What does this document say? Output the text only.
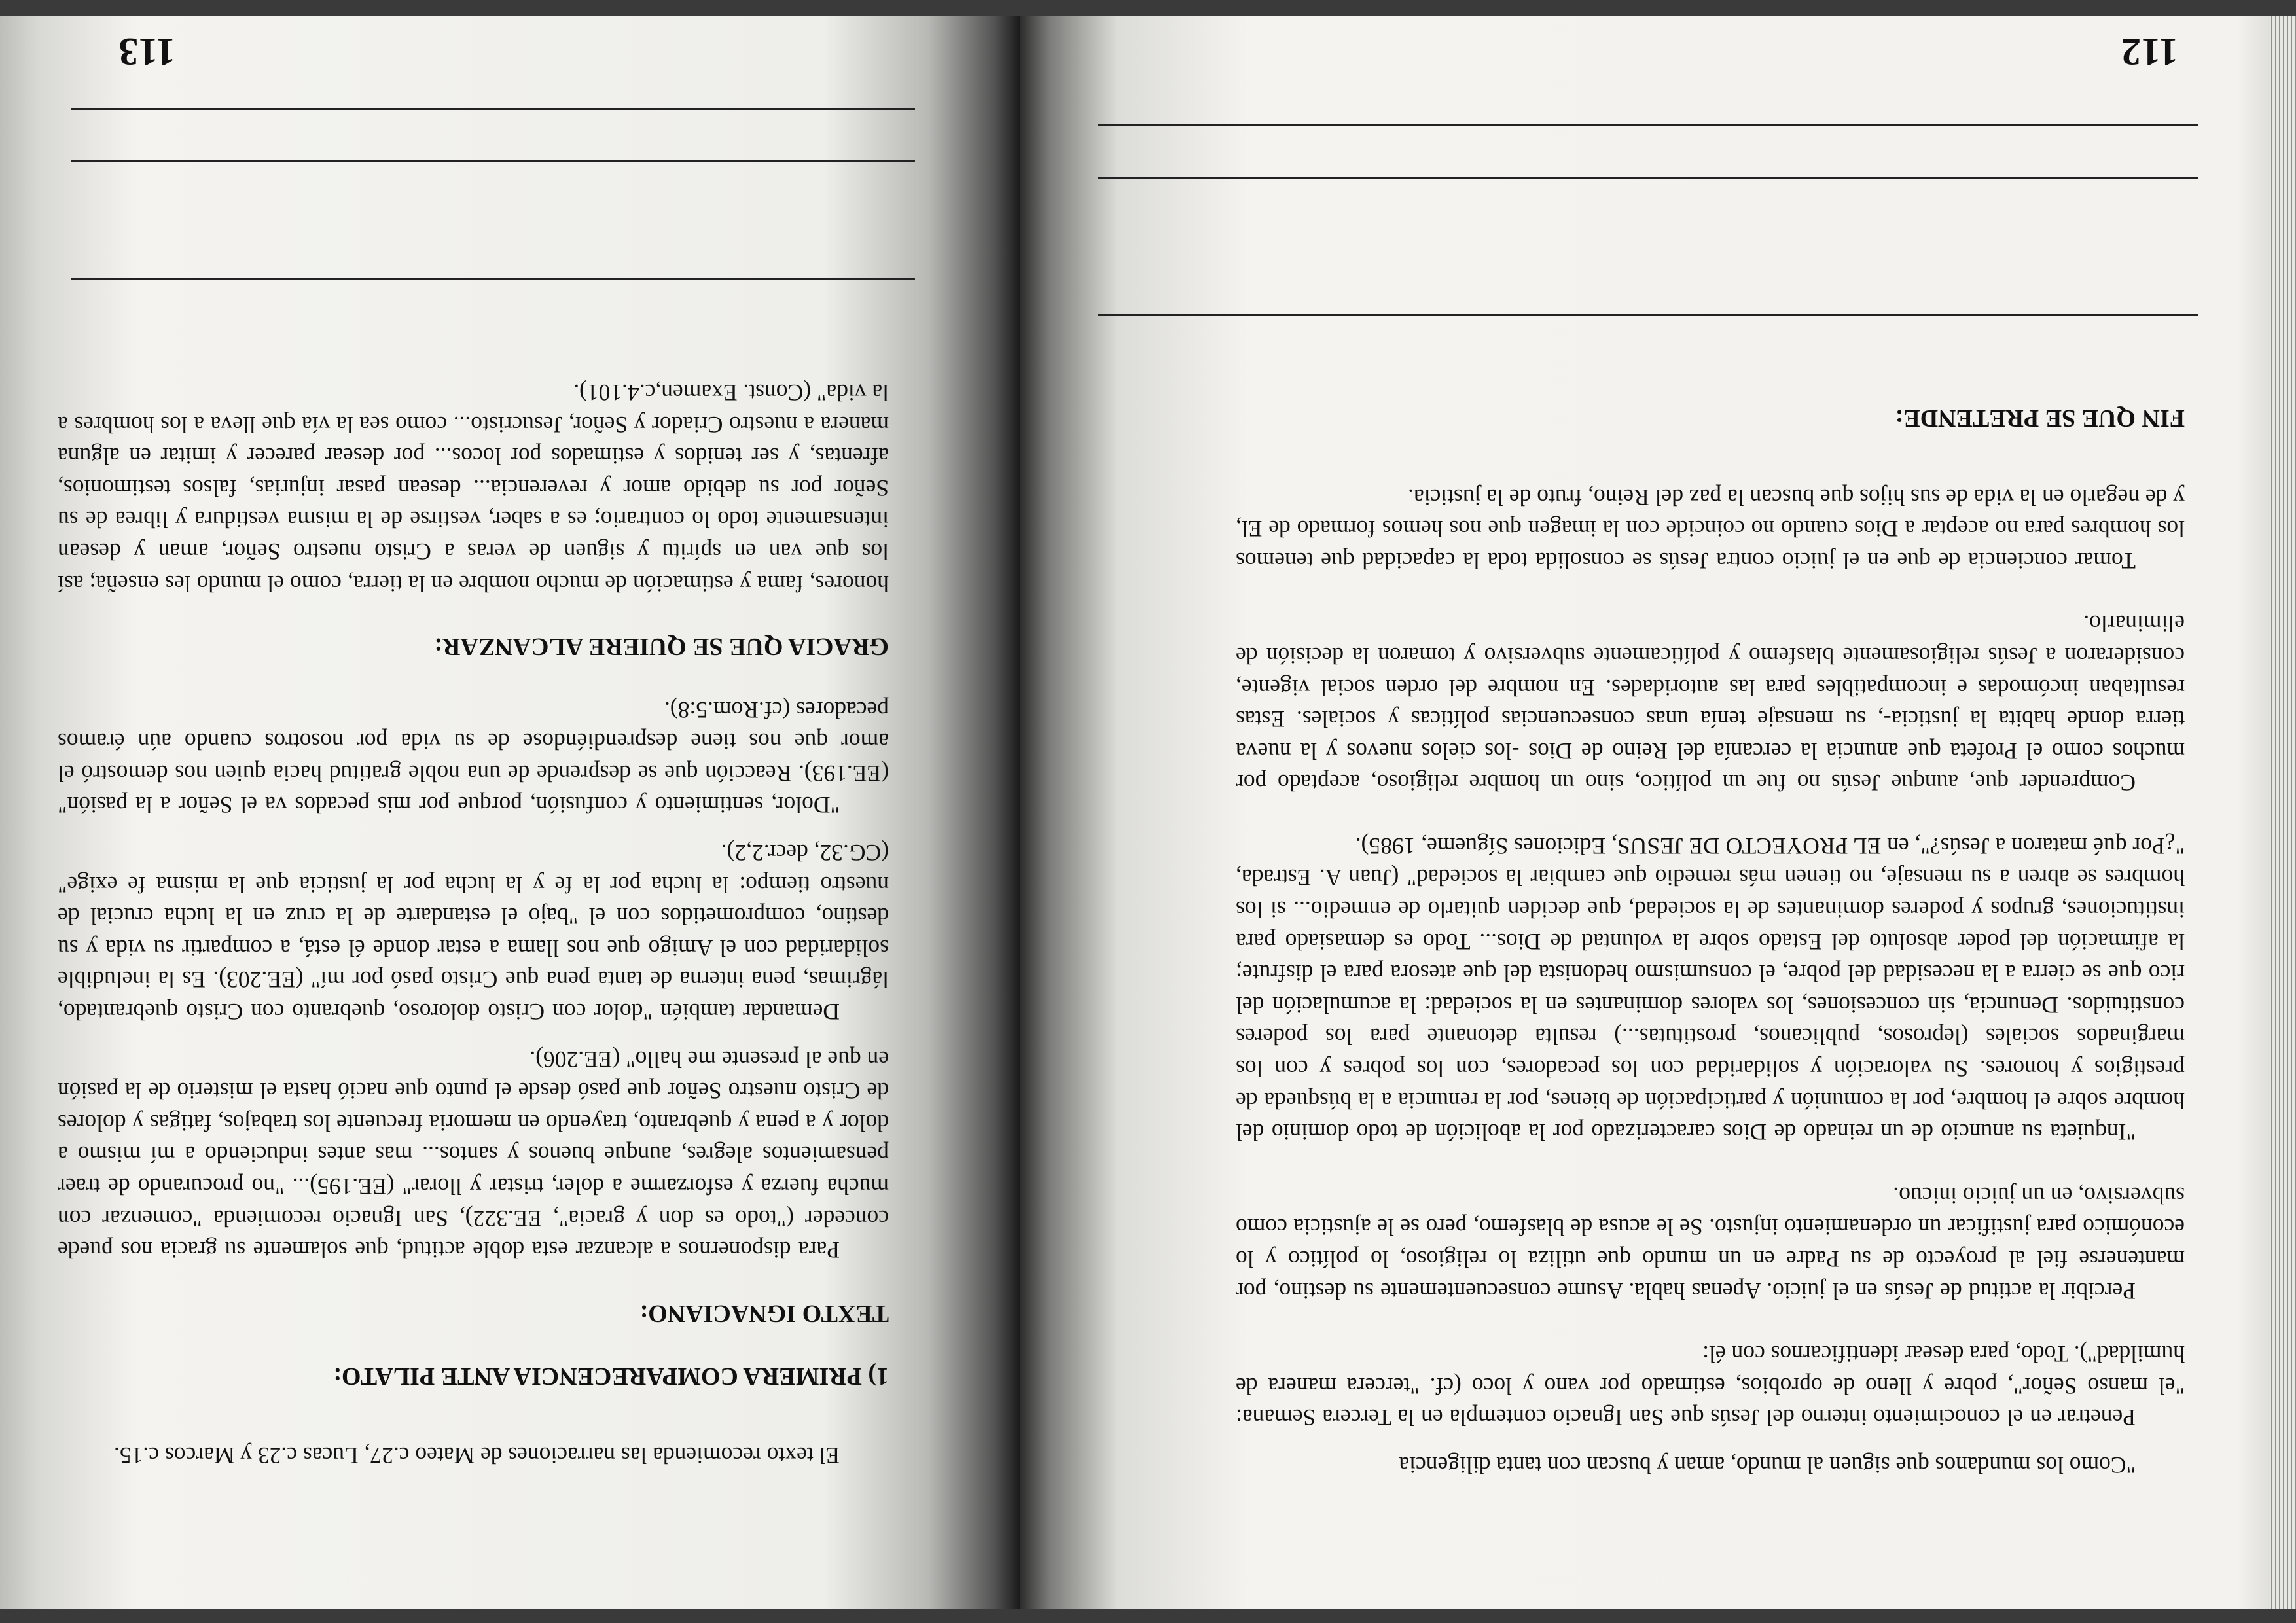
112

"Como los mundanos que siguen al mundo, aman y buscan con tanta diligencia

Penetrar en el conocimiento interno del Jesús que San Ignacio contempla en la Tercera Semana: "el manso Señor", pobre y lleno de oprobios, estimado por vano y loco (cf. "tercera manera de humildad"). Todo, para desear identificarnos con él:

Percibir la actitud de Jesús en el juicio. Apenas habla. Asume consecuentemente su destino, por mantenerse fiel al proyecto de su Padre en un mundo que utiliza lo religioso, lo político y lo económico para justificar un ordenamiento injusto. Se le acusa de blasfemo, pero se le ajusticia como subversivo, en un juicio inicuo.

"Inquieta su anuncio de un reinado de Dios caracterizado por la abolición de todo dominio del hombre sobre el hombre, por la comunión y participación de bienes, por la renuncia a la búsqueda de prestigios y honores. Su valoración y solidaridad con los pecadores, con los pobres y con los marginados sociales (leprosos, publicanos, prostitutas...) resulta detonante para los poderes constituidos. Denuncia, sin concesiones, los valores dominantes en la sociedad: la acumulación del rico que se cierra a la necesidad del pobre, el consumismo hedonista del que atesora para el disfrute; la afirmación del poder absoluto del Estado sobre la voluntad de Dios... Todo es demasiado para instituciones, grupos y poderes dominantes de la sociedad, que deciden quitarlo de enmedio... si los hombres se abren a su mensaje, no tienen más remedio que cambiar la sociedad" (Juan A. Estrada, "¿Por qué mataron a Jesús?", en EL PROYECTO DE JESUS, Ediciones Sígueme, 1985).

Comprender que, aunque Jesús no fue un político, sino un hombre religioso, aceptado por muchos como el Profeta que anuncia la cercanía del Reino de Dios -los cielos nuevos y la nueva tierra donde habita la justicia-, su mensaje tenía unas consecuencias políticas y sociales. Estas resultaban incómodas e incompatibles para las autoridades. En nombre del orden social vigente, consideraron a Jesús religiosamente blasfemo y políticamente subversivo y tomaron la decisión de eliminarlo.

Tomar conciencia de que en el juicio contra Jesús se consolida toda la capacidad que tenemos los hombres para no aceptar a Dios cuando no coincide con la imagen que nos hemos formado de El, y de negarlo en la vida de sus hijos que buscan la paz del Reino, fruto de la justicia.

FIN QUE SE PRETENDE:

113

El texto recomienda las narraciones de Mateo c.27, Lucas c.23 y Marcos c.15.

1) PRIMERA COMPARECENCIA ANTE PILATO:

TEXTO IGNACIANO:

Para disponernos a alcanzar esta doble actitud, que solamente su gracia nos puede conceder ("todo es don y gracia", EE.322), San Ignacio recomienda "comenzar con mucha fuerza y esforzarme a doler, tristar y llorar" (EE.195)... "no procurando de traer pensamientos alegres, aunque buenos y santos... mas antes induciendo a mí mismo a dolor y a pena y quebranto, trayendo en memoria frecuente los trabajos, fatigas y dolores de Cristo nuestro Señor que pasó desde el punto que nació hasta el misterio de la pasión en que al presente me hallo" (EE.206).

Demandar también "dolor con Cristo doloroso, quebranto con Cristo quebrantado, lágrimas, pena interna de tanta pena que Cristo pasó por mí" (EE.203). Es la ineludible solidaridad con el Amigo que nos llama a estar donde él está, a compartir su vida y su destino, comprometidos con el "bajo el estandarte de la cruz en la lucha crucial de nuestro tiempo: la lucha por la fe y la lucha por la justicia que la misma fe exige" (CG.32, decr.2,2).

"Dolor, sentimiento y confusión, porque por mis pecados va el Señor a la pasión" (EE.193). Reacción que se desprende de una noble gratitud hacia quien nos demostró el amor que nos tiene desprendiéndose de su vida por nosotros cuando aún éramos pecadores (cf.Rom.5:8).

GRACIA QUE SE QUIERE ALCANZAR:

honores, fama y estimación de mucho nombre en la tierra, como el mundo les enseña; así los que van en spíritu y siguen de veras a Cristo nuestro Señor, aman y desean intensamente todo lo contrario; es a saber, vestirse de la misma vestidura y librea de su Señor por su debido amor y reverencia... desean pasar injurias, falsos testimonios, afrentas, y ser tenidos y estimados por locos... por desear parecer y imitar en alguna manera a nuestro Criador y Señor, Jesucristo... como sea la vía que lleva a los hombres a la vida" (Const. Examen,c.4.101).
